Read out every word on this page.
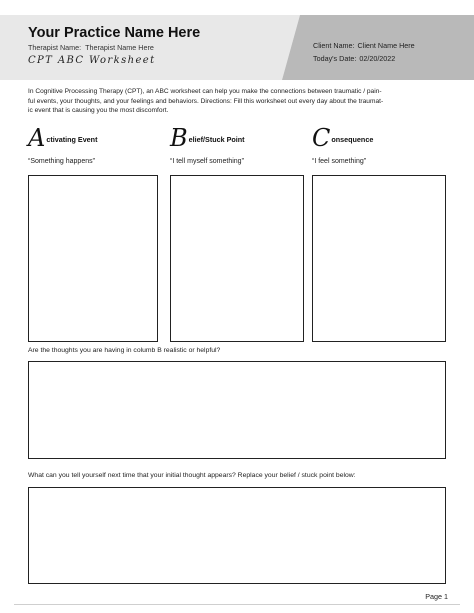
Your Practice Name Here
Therapist Name: Therapist Name Here
CPT ABC Worksheet
Client Name: Client Name Here
Today's Date: 02/20/2022

In Cognitive Processing Therapy (CPT), an ABC worksheet can help you make the connections between traumatic / pain-
ful events, your thoughts, and your feelings and behaviors. Directions: Fill this worksheet out every day about the traumat-
ic event that is causing you the most discomfort.

Activating Event
“Something happens”
Belief/Stuck Point
“I tell myself something”
Consequence
“I feel something”
Are the thoughts you are having in columb B realistic or helpful?
What can you tell yourself next time that your initial thought appears? Replace your belief / stuck point below:
Page 1
